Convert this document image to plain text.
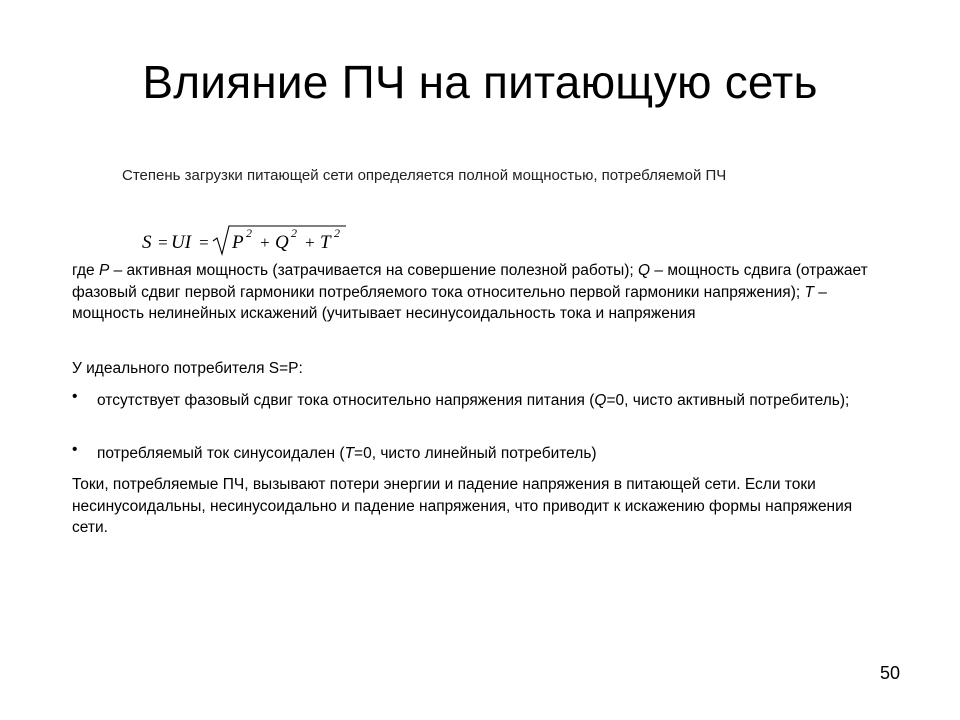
Влияние ПЧ на питающую сеть
Степень загрузки питающей сети определяется полной мощностью, потребляемой ПЧ
S = UI = P 2 + Q 2 + T 2
где P – активная мощность (затрачивается на совершение полезной работы); Q – мощность сдвига (отражает фазовый сдвиг первой гармоники потребляемого тока относительно первой гармоники напряжения); T – мощность нелинейных искажений (учитывает несинусоидальность тока и напряжения
У идеального потребителя S=P:
• отсутствует фазовый сдвиг тока относительно напряжения питания (Q=0, чисто активный потребитель);
• потребляемый ток синусоидален (T=0, чисто линейный потребитель)
Токи, потребляемые ПЧ, вызывают потери энергии и падение напряжения в питающей сети. Если токи несинусоидальны, несинусоидально и падение напряжения, что приводит к искажению формы напряжения сети.
50
